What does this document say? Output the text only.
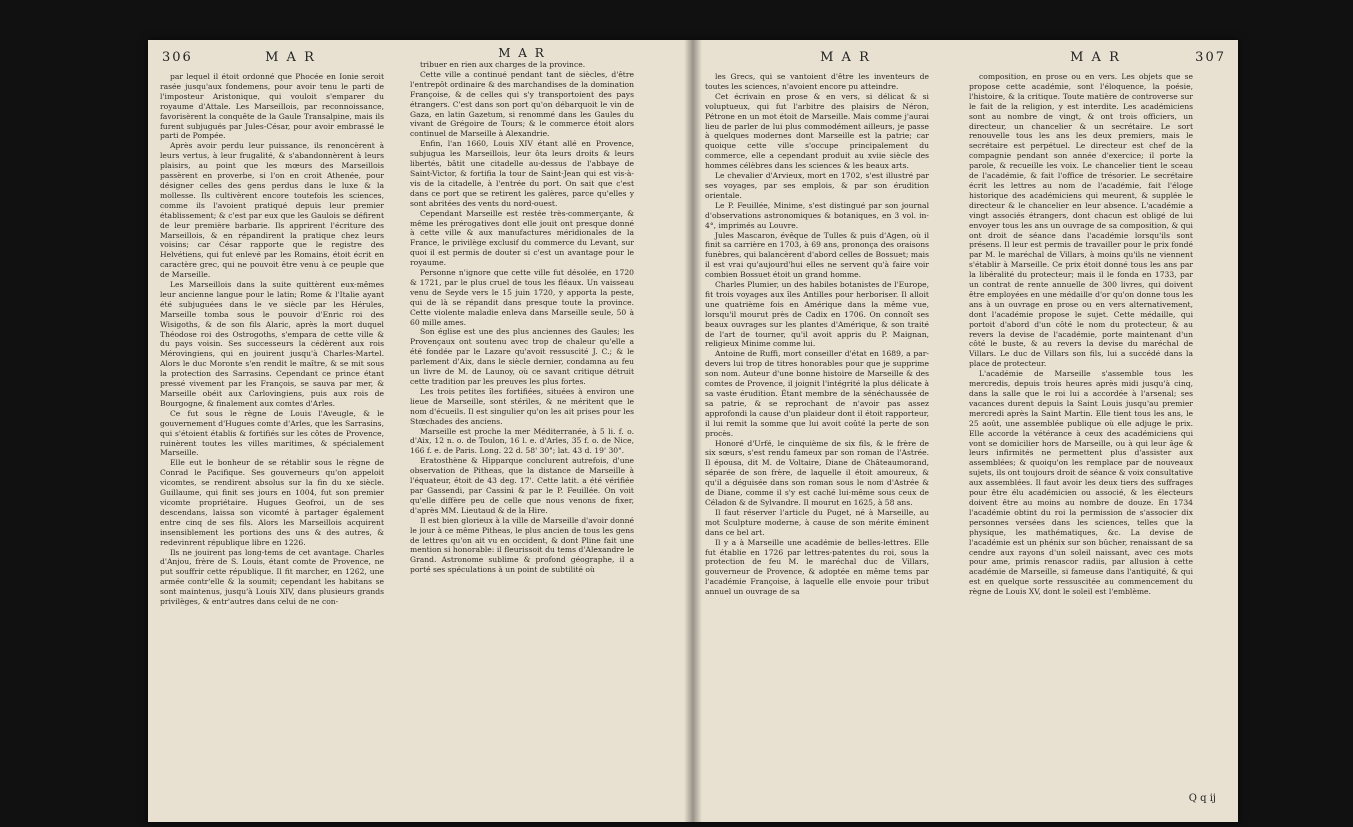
306	M A R	M A R

par lequel il étoit ordonné que Phocée en Ionie seroit rasée jusqu'aux fondemens, pour avoir tenu le parti de l'imposteur Aristonique, qui vouloit s'emparer du royaume d'Attale. Les Marseillois, par reconnoissance, favorisèrent la conquête de la Gaule Transalpine, mais ils furent subjugués par Jules-César, pour avoir embrassé le parti de Pompée.

Après avoir perdu leur puissance, ils renoncèrent à leurs vertus, à leur frugalité, & s'abandonnèrent à leurs plaisirs, au point que les mœurs des Marseillois passèrent en proverbe, si l'on en croit Athenée, pour désigner celles des gens perdus dans le luxe & la mollesse. Ils cultivèrent encore toutefois les sciences, comme ils l'avoient pratiqué depuis leur premier établissement; & c'est par eux que les Gaulois se défirent de leur première barbarie. Ils apprirent l'écriture des Marseillois, & en répandirent la pratique chez leurs voisins; car César rapporte que le registre des Helvétiens, qui fut enlevé par les Romains, étoit écrit en caractère grec, qui ne pouvoit être venu à ce peuple que de Marseille.

Les Marseillois dans la suite quittèrent eux-mêmes leur ancienne langue pour le latin; Rome & l'Italie ayant été subjuguées dans le ve siècle par les Hérules, Marseille tomba sous le pouvoir d'Enric roi des Wisigoths, & de son fils Alaric, après la mort duquel Théodose roi des Ostrogoths, s'empara de cette ville & du pays voisin. Ses successeurs la cédèrent aux rois Mérovingiens, qui en jouirent jusqu'à Charles-Martel. Alors le duc Moronte s'en rendit le maître, & se mit sous la protection des Sarrasins. Cependant ce prince étant pressé vivement par les François, se sauva par mer, & Marseille obéit aux Carlovingiens, puis aux rois de Bourgogne, & finalement aux comtes d'Arles.

Ce fut sous le règne de Louis l'Aveugle, & le gouvernement d'Hugues comte d'Arles, que les Sarrasins, qui s'étoient établis & fortifiés sur les côtes de Provence, ruinèrent toutes les villes maritimes, & spécialement Marseille.

Elle eut le bonheur de se rétablir sous le règne de Conrad le Pacifique. Ses gouverneurs qu'on appeloit vicomtes, se rendirent absolus sur la fin du xe siècle. Guillaume, qui finit ses jours en 1004, fut son premier vicomte propriétaire. Hugues Geofroi, un de ses descendans, laissa son vicomté à partager également entre cinq de ses fils. Alors les Marseillois acquirent insensiblement les portions des uns & des autres, & redevinrent république libre en 1226.

Ils ne jouirent pas long-tems de cet avantage. Charles d'Anjou, frère de S. Louis, étant comte de Provence, ne put souffrir cette république. Il fit marcher, en 1262, une armée contr'elle & la soumit; cependant les habitans se sont maintenus, jusqu'à Louis XIV, dans plusieurs grands privilèges, & entr'autres dans celui de ne con-

tribuer en rien aux charges de la province.

Cette ville a continué pendant tant de siècles, d'être l'entrepôt ordinaire & des marchandises de la domination Françoise, & de celles qui s'y transportoient des pays étrangers. C'est dans son port qu'on débarquoit le vin de Gaza, en latin Gazetum, si renommé dans les Gaules du vivant de Grégoire de Tours; & le commerce étoit alors continuel de Marseille à Alexandrie.

Enfin, l'an 1660, Louis XIV étant allé en Provence, subjugua les Marseillois, leur ôta leurs droits & leurs libertés, bâtit une citadelle au-dessus de l'abbaye de Saint-Victor, & fortifia la tour de Saint-Jean qui est vis-à-vis de la citadelle, à l'entrée du port. On sait que c'est dans ce port que se retirent les galères, parce qu'elles y sont abritées des vents du nord-ouest.

Cependant Marseille est restée très-commerçante, & même les prérogatives dont elle jouit ont presque donné à cette ville & aux manufactures méridionales de la France, le privilège exclusif du commerce du Levant, sur quoi il est permis de douter si c'est un avantage pour le royaume.

Personne n'ignore que cette ville fut désolée, en 1720 & 1721, par le plus cruel de tous les fléaux. Un vaisseau venu de Seyde vers le 15 juin 1720, y apporta la peste, qui de là se répandit dans presque toute la province. Cette violente maladie enleva dans Marseille seule, 50 à 60 mille ames.

Son église est une des plus anciennes des Gaules; les Provençaux ont soutenu avec trop de chaleur qu'elle a été fondée par le Lazare qu'avoit ressuscité J. C.; & le parlement d'Aix, dans le siècle dernier, condamna au feu un livre de M. de Launoy, où ce savant critique détruit cette tradition par les preuves les plus fortes.

Les trois petites îles fortifiées, situées à environ une lieue de Marseille, sont stériles, & ne méritent que le nom d'écueils. Il est singulier qu'on les ait prises pour les Stœchades des anciens.

Marseille est proche la mer Méditerranée, à 5 li. f. o. d'Aix, 12 n. o. de Toulon, 16 l. e. d'Arles, 35 f. o. de Nice, 166 f. e. de Paris. Long. 22 d. 58' 30"; lat. 43 d. 19' 30".

Eratosthène & Hipparque conclurent autrefois, d'une observation de Pitheas, que la distance de Marseille à l'équateur, étoit de 43 deg. 17'. Cette latit. a été vérifiée par Gassendi, par Cassini & par le P. Feuillée. On voit qu'elle diffère peu de celle que nous venons de fixer, d'après MM. Lieutaud & de la Hire.

Il est bien glorieux à la ville de Marseille d'avoir donné le jour à ce même Pitheas, le plus ancien de tous les gens de lettres qu'on ait vu en occident, & dont Pline fait une mention si honorable: il fleurissoit du tems d'Alexandre le Grand. Astronome sublime & profond géographe, il a porté ses spéculations à un point de subtilité où

M A R	M A R	307

les Grecs, qui se vantoient d'être les inventeurs de toutes les sciences, n'avoient encore pu atteindre.

Cet écrivain en prose & en vers, si délicat & si voluptueux, qui fut l'arbitre des plaisirs de Néron, Pétrone en un mot étoit de Marseille. Mais comme j'aurai lieu de parler de lui plus commodément ailleurs, je passe à quelques modernes dont Marseille est la patrie; car quoique cette ville s'occupe principalement du commerce, elle a cependant produit au xviie siècle des hommes célèbres dans les sciences & les beaux arts.

Le chevalier d'Arvieux, mort en 1702, s'est illustré par ses voyages, par ses emplois, & par son érudition orientale.

Le P. Feuillée, Minime, s'est distingué par son journal d'observations astronomiques & botaniques, en 3 vol. in-4°, imprimés au Louvre.

Jules Mascaron, évêque de Tulles & puis d'Agen, où il finit sa carrière en 1703, à 69 ans, prononça des oraisons funèbres, qui balancèrent d'abord celles de Bossuet; mais il est vrai qu'aujourd'hui elles ne servent qu'à faire voir combien Bossuet étoit un grand homme.

Charles Plumier, un des habiles botanistes de l'Europe, fit trois voyages aux îles Antilles pour herboriser. Il alloit une quatrième fois en Amérique dans la même vue, lorsqu'il mourut près de Cadix en 1706. On connoît ses beaux ouvrages sur les plantes d'Amérique, & son traité de l'art de tourner, qu'il avoit appris du P. Maignan, religieux Minime comme lui.

Antoine de Ruffi, mort conseiller d'état en 1689, a par-devers lui trop de titres honorables pour que je supprime son nom. Auteur d'une bonne histoire de Marseille & des comtes de Provence, il joignit l'intégrité la plus délicate à sa vaste érudition. Étant membre de la sénéchaussée de sa patrie, & se reprochant de n'avoir pas assez approfondi la cause d'un plaideur dont il étoit rapporteur, il lui remit la somme que lui avoit coûté la perte de son procès.

Honoré d'Urfé, le cinquième de six fils, & le frère de six sœurs, s'est rendu fameux par son roman de l'Astrée. Il épousa, dit M. de Voltaire, Diane de Châteaumorand, séparée de son frère, de laquelle il étoit amoureux, & qu'il a déguisée dans son roman sous le nom d'Astrée & de Diane, comme il s'y est caché lui-même sous ceux de Céladon & de Sylvandre. Il mourut en 1625, à 58 ans.

Il faut réserver l'article du Puget, né à Marseille, au mot Sculpture moderne, à cause de son mérite éminent dans ce bel art.

Il y a à Marseille une académie de belles-lettres. Elle fut établie en 1726 par lettres-patentes du roi, sous la protection de feu M. le maréchal duc de Villars, gouverneur de Provence, & adoptée en même tems par l'académie Françoise, à laquelle elle envoie pour tribut annuel un ouvrage de sa

composition, en prose ou en vers. Les objets que se propose cette académie, sont l'éloquence, la poésie, l'histoire, & la critique. Toute matière de controverse sur le fait de la religion, y est interdite. Les académiciens sont au nombre de vingt, & ont trois officiers, un directeur, un chancelier & un secrétaire. Le sort renouvelle tous les ans les deux premiers, mais le secrétaire est perpétuel. Le directeur est chef de la compagnie pendant son année d'exercice; il porte la parole, & recueille les voix. Le chancelier tient le sceau de l'académie, & fait l'office de trésorier. Le secrétaire écrit les lettres au nom de l'académie, fait l'éloge historique des académiciens qui meurent, & supplée le directeur & le chancelier en leur absence. L'académie a vingt associés étrangers, dont chacun est obligé de lui envoyer tous les ans un ouvrage de sa composition, & qui ont droit de séance dans l'académie lorsqu'ils sont présens. Il leur est permis de travailler pour le prix fondé par M. le maréchal de Villars, à moins qu'ils ne viennent s'établir à Marseille. Ce prix étoit donné tous les ans par la libéralité du protecteur; mais il le fonda en 1733, par un contrat de rente annuelle de 300 livres, qui doivent être employées en une médaille d'or qu'on donne tous les ans à un ouvrage en prose ou en vers alternativement, dont l'académie propose le sujet. Cette médaille, qui portoit d'abord d'un côté le nom du protecteur, & au revers la devise de l'académie, porte maintenant d'un côté le buste, & au revers la devise du maréchal de Villars. Le duc de Villars son fils, lui a succédé dans la place de protecteur.

L'académie de Marseille s'assemble tous les mercredis, depuis trois heures après midi jusqu'à cinq, dans la salle que le roi lui a accordée à l'arsenal; ses vacances durent depuis la Saint Louis jusqu'au premier mercredi après la Saint Martin. Elle tient tous les ans, le 25 août, une assemblée publique où elle adjuge le prix. Elle accorde la vétérance à ceux des académiciens qui vont se domicilier hors de Marseille, ou à qui leur âge & leurs infirmités ne permettent plus d'assister aux assemblées; & quoiqu'on les remplace par de nouveaux sujets, ils ont toujours droit de séance & voix consultative aux assemblées. Il faut avoir les deux tiers des suffrages pour être élu académicien ou associé, & les électeurs doivent être au moins au nombre de douze. En 1734 l'académie obtint du roi la permission de s'associer dix personnes versées dans les sciences, telles que la physique, les mathématiques, &c. La devise de l'académie est un phénix sur son bûcher, renaissant de sa cendre aux rayons d'un soleil naissant, avec ces mots pour ame, primis renascor radiis, par allusion à cette académie de Marseille, si fameuse dans l'antiquité, & qui est en quelque sorte ressuscitée au commencement du règne de Louis XV, dont le soleil est l'emblème.

Q q ij
